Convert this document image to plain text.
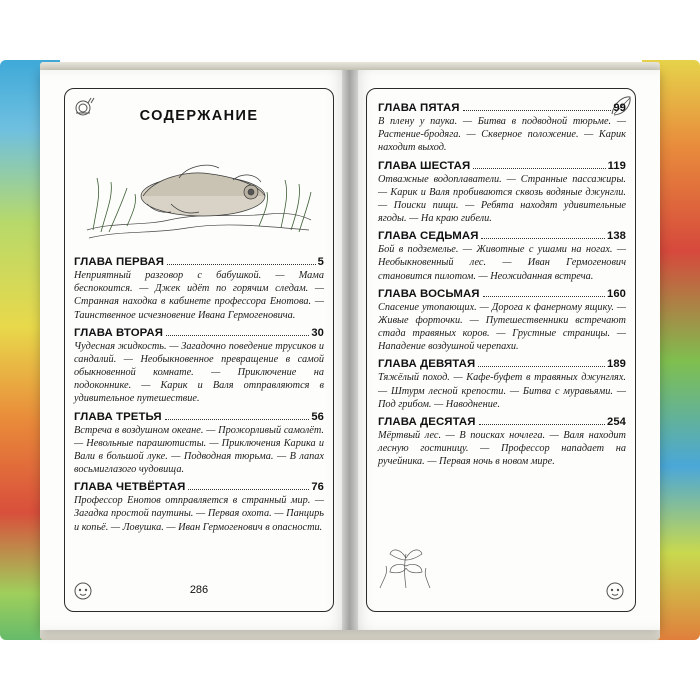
СОДЕРЖАНИЕ
ГЛАВА ПЕРВАЯ	5
Неприятный разговор с бабушкой. — Мама беспокоится. — Джек идёт по горячим следам. — Странная находка в кабинете профессора Енотова. — Таинственное исчезновение Ивана Гермогеновича.
ГЛАВА ВТОРАЯ	30
Чудесная жидкость. — Загадочно поведение трусиков и сандалий. — Необыкновенное превращение в самой обыкновенной комнате. — Приключение на подоконнике. — Карик и Валя отправляются в удивительное путешествие.
ГЛАВА ТРЕТЬЯ	56
Встреча в воздушном океане. — Прожорливый самолёт. — Невольные парашютисты. — Приключения Карика и Вали в большой луке. — Подводная тюрьма. — В лапах восьмиглазого чудовища.
ГЛАВА ЧЕТВЁРТАЯ	76
Профессор Енотов отправляется в странный мир. — Загадка простой паутины. — Первая охота. — Панцирь и копьё. — Ловушка. — Иван Гермогенович в опасности.
286
ГЛАВА ПЯТАЯ	99
В плену у паука. — Битва в подводной тюрьме. — Растение-бродяга. — Скверное положение. — Карик находит выход.
ГЛАВА ШЕСТАЯ	119
Отважные водоплаватели. — Странные пассажиры. — Карик и Валя пробиваются сквозь водяные джунгли. — Поиски пищи. — Ребята находят удивительные ягоды. — На краю гибели.
ГЛАВА СЕДЬМАЯ	138
Бой в подземелье. — Животные с ушами на ногах. — Необыкновенный лес. — Иван Гермогенович становится пилотом. — Неожиданная встреча.
ГЛАВА ВОСЬМАЯ	160
Спасение утопающих. — Дорога к фанерному ящику. — Живые форточки. — Путешественники встречают стада травяных коров. — Грустные страницы. — Нападение воздушной черепахи.
ГЛАВА ДЕВЯТАЯ	189
Тяжёлый поход. — Кафе-буфет в травяных джунглях. — Штурм лесной крепости. — Битва с муравьями. — Под грибом. — Наводнение.
ГЛАВА ДЕСЯТАЯ	254
Мёртвый лес. — В поисках ночлега. — Валя находит лесную гостиницу. — Профессор нападает на ручейника. — Первая ночь в новом мире.
